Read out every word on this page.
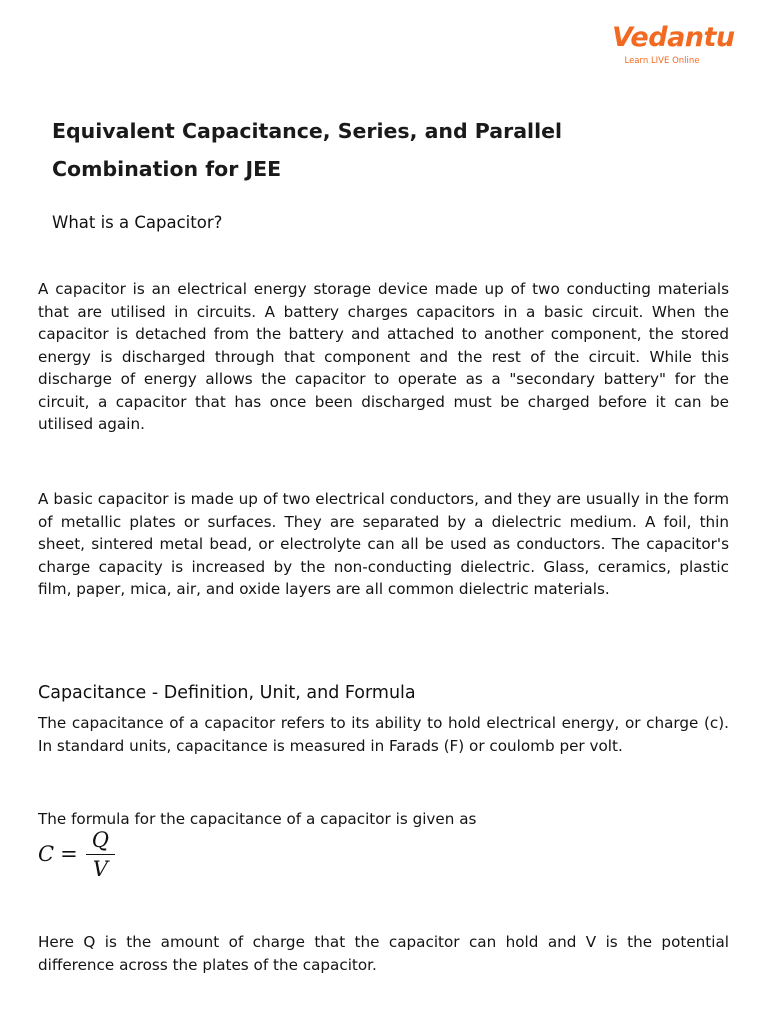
Vedantu
Learn LIVE Online
Equivalent Capacitance, Series, and Parallel Combination for JEE
What is a Capacitor?

A capacitor is an electrical energy storage device made up of two conducting materials that are utilised in circuits. A battery charges capacitors in a basic circuit. When the capacitor is detached from the battery and attached to another component, the stored energy is discharged through that component and the rest of the circuit. While this discharge of energy allows the capacitor to operate as a "secondary battery" for the circuit, a capacitor that has once been discharged must be charged before it can be utilised again.

A basic capacitor is made up of two electrical conductors, and they are usually in the form of metallic plates or surfaces. They are separated by a dielectric medium. A foil, thin sheet, sintered metal bead, or electrolyte can all be used as conductors. The capacitor's charge capacity is increased by the non-conducting dielectric. Glass, ceramics, plastic film, paper, mica, air, and oxide layers are all common dielectric materials.

Capacitance - Definition, Unit, and Formula

The capacitance of a capacitor refers to its ability to hold electrical energy, or charge (c). In standard units, capacitance is measured in Farads (F) or coulomb per volt.

The formula for the capacitance of a capacitor is given as

$C = \frac{Q}{V}$

Here Q is the amount of charge that the capacitor can hold and V is the potential difference across the plates of the capacitor.
